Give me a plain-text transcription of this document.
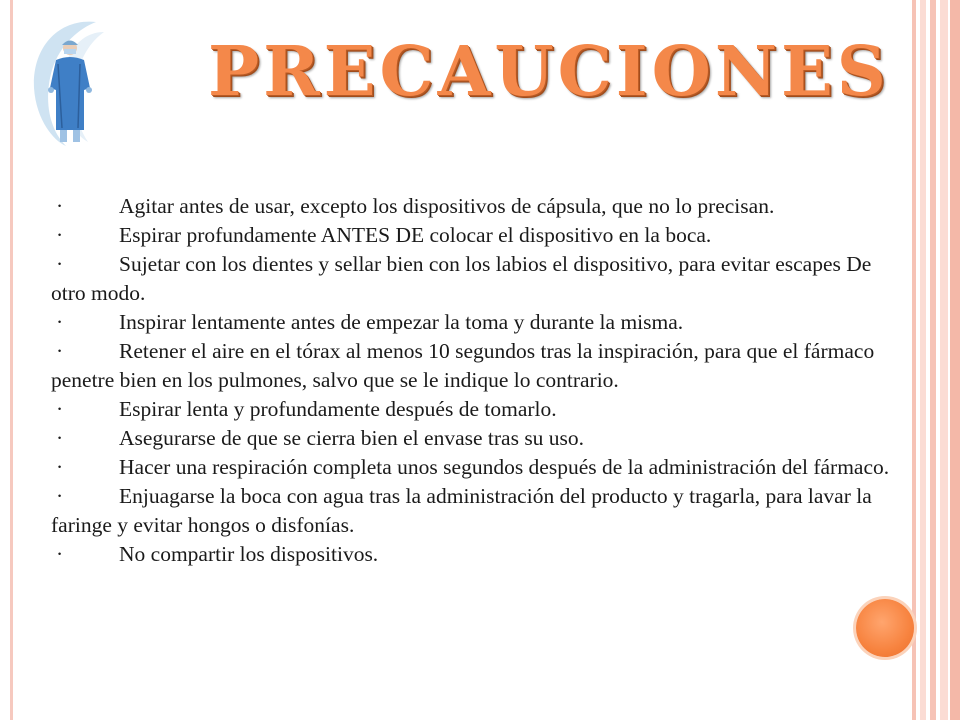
PRECAUCIONES

·	Agitar antes de usar, excepto los dispositivos de cápsula, que no lo precisan.

·	Espirar profundamente ANTES DE colocar el dispositivo en la boca.

·	Sujetar con los dientes y sellar bien con los labios el dispositivo, para evitar escapes De otro modo.

·	Inspirar lentamente antes de empezar la toma y durante la misma.

·	Retener el aire en el tórax al menos 10 segundos tras la inspiración, para que el fármaco penetre bien en los pulmones, salvo que se le indique lo contrario.

·	Espirar lenta y profundamente después de tomarlo.

·	Asegurarse de que se cierra bien el envase tras su uso.

·	Hacer una respiración completa unos segundos después de la administración del fármaco.

·	Enjuagarse la boca con agua tras la administración del producto y tragarla, para lavar la faringe y evitar hongos o disfonías.

·	No compartir los dispositivos.
